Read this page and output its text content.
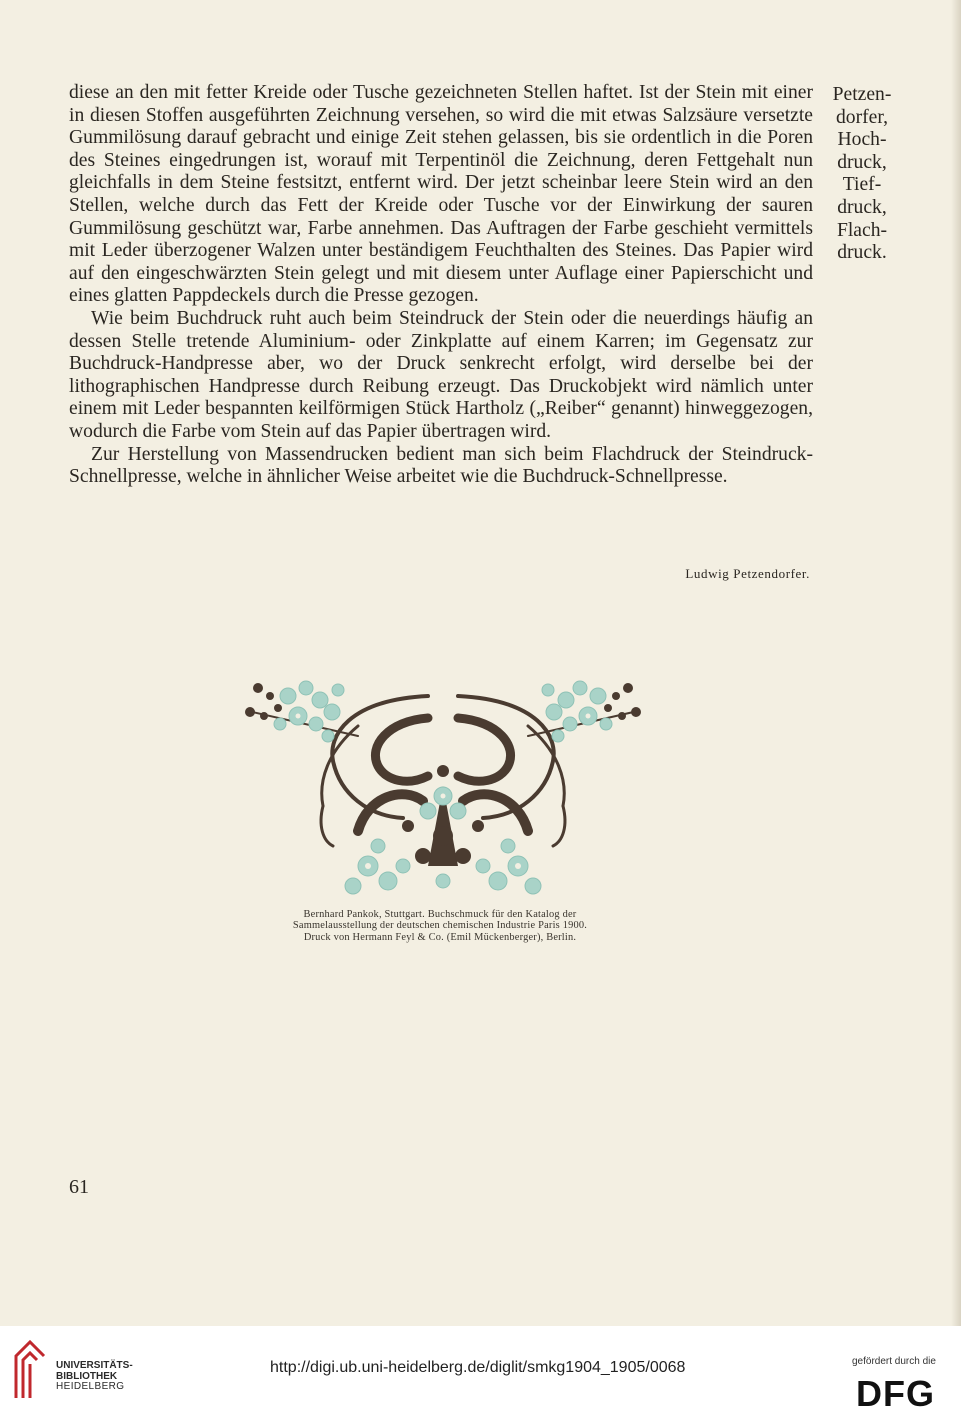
diese an den mit fetter Kreide oder Tusche gezeichneten Stellen haftet. Ist der Stein mit einer in diesen Stoffen ausgeführten Zeichnung versehen, so wird die mit etwas Salzsäure versetzte Gummilösung darauf gebracht und einige Zeit stehen gelassen, bis sie ordentlich in die Poren des Steines eingedrungen ist, worauf mit Terpentinöl die Zeichnung, deren Fettgehalt nun gleichfalls in dem Steine festsitzt, entfernt wird. Der jetzt scheinbar leere Stein wird an den Stellen, welche durch das Fett der Kreide oder Tusche vor der Einwirkung der sauren Gummilösung geschützt war, Farbe annehmen. Das Auftragen der Farbe geschieht vermittels mit Leder überzogener Walzen unter beständigem Feuchthalten des Steines. Das Papier wird auf den eingeschwärzten Stein gelegt und mit diesem unter Auflage einer Papierschicht und eines glatten Pappdeckels durch die Presse gezogen.

Wie beim Buchdruck ruht auch beim Steindruck der Stein oder die neuerdings häufig an dessen Stelle tretende Aluminium- oder Zinkplatte auf einem Karren; im Gegensatz zur Buchdruck-Handpresse aber, wo der Druck senkrecht erfolgt, wird derselbe bei der lithographischen Handpresse durch Reibung erzeugt. Das Druckobjekt wird nämlich unter einem mit Leder bespannten keilförmigen Stück Hartholz („Reiber“ genannt) hinweggezogen, wodurch die Farbe vom Stein auf das Papier übertragen wird.

Zur Herstellung von Massendrucken bedient man sich beim Flachdruck der Steindruck-Schnellpresse, welche in ähnlicher Weise arbeitet wie die Buchdruck-Schnellpresse.

Ludwig Petzendorfer.
Petzen-
dorfer,
Hoch-
druck,
Tief-
druck,
Flach-
druck.
Bernhard Pankok, Stuttgart. Buchschmuck für den Katalog der
Sammelausstellung der deutschen chemischen Industrie Paris 1900.
Druck von Hermann Feyl & Co. (Emil Mückenberger), Berlin.
61
UNIVERSITÄTS-
BIBLIOTHEK
HEIDELBERG
http://digi.ub.uni-heidelberg.de/diglit/smkg1904_1905/0068	gefördert durch die
DFG
